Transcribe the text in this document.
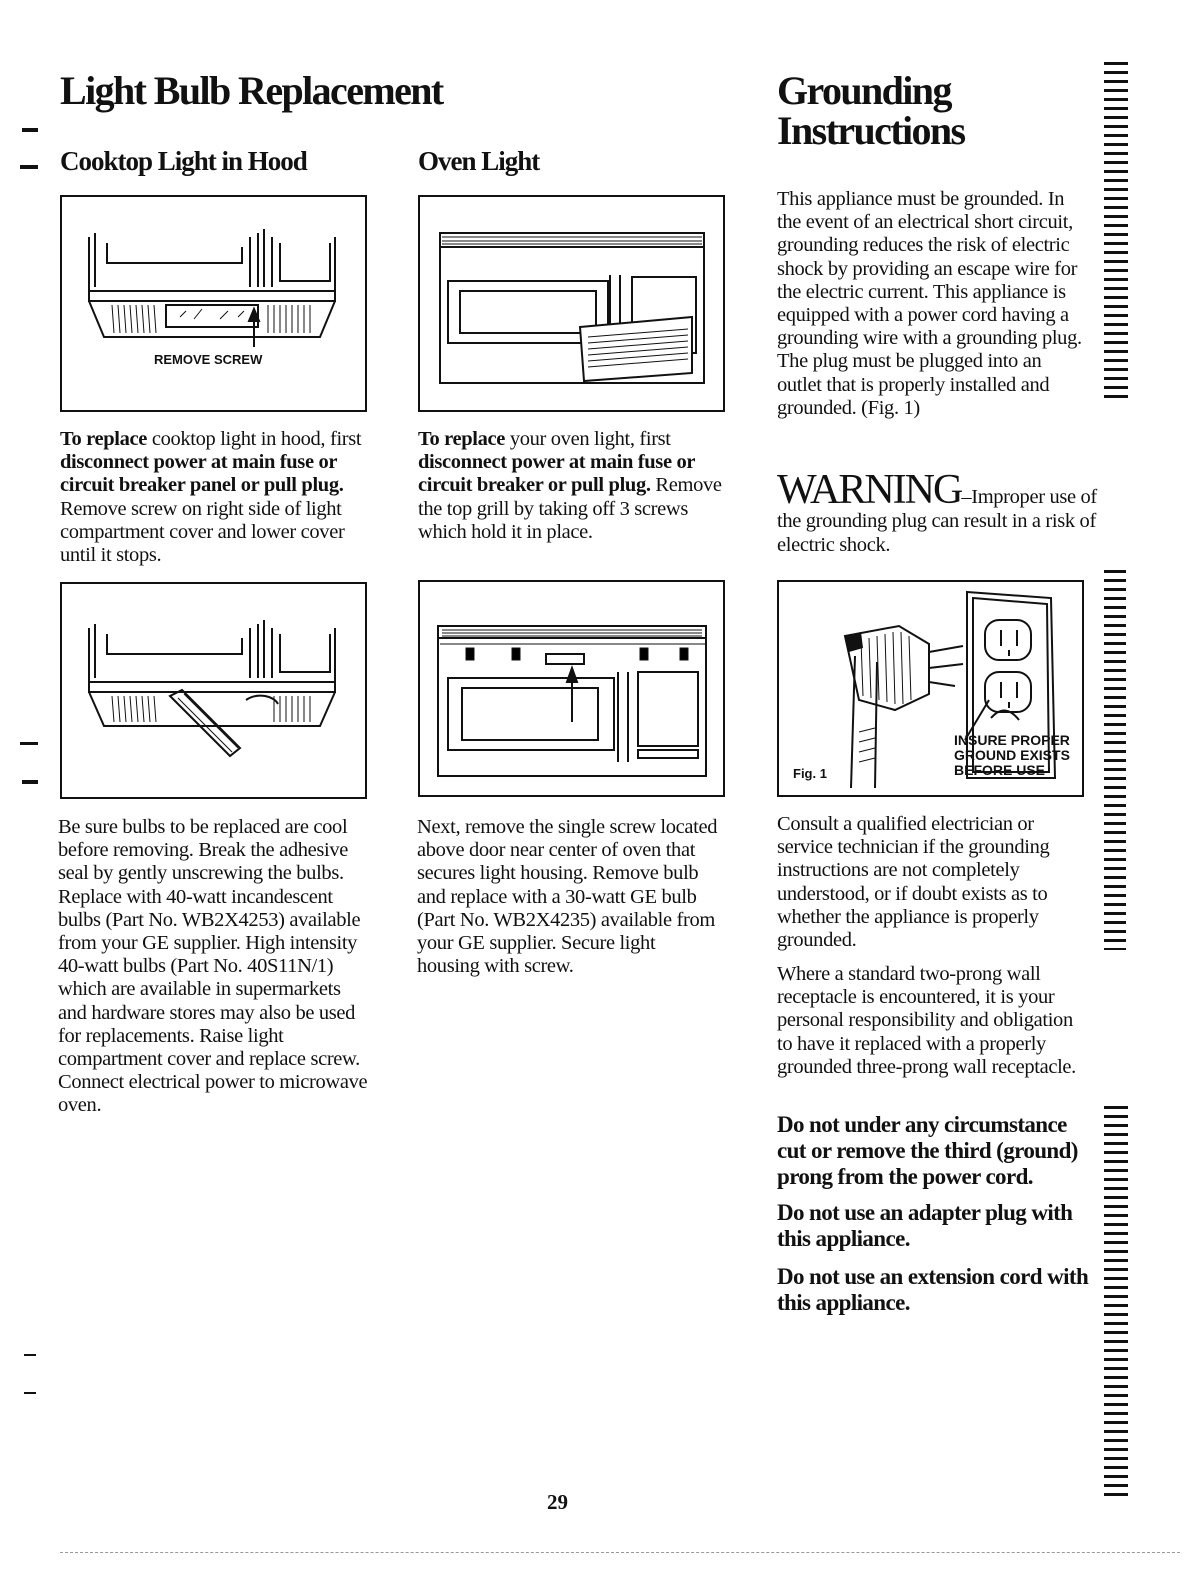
Light Bulb Replacement
Cooktop Light in Hood
REMOVE SCREW
To replace cooktop light in hood, first disconnect power at main fuse or circuit breaker panel or pull plug. Remove screw on right side of light compartment cover and lower cover until it stops.
Be sure bulbs to be replaced are cool before removing. Break the adhesive seal by gently unscrewing the bulbs. Replace with 40-watt incandescent bulbs (Part No. WB2X4253) available from your GE supplier. High intensity 40-watt bulbs (Part No. 40S11N/1) which are available in supermarkets and hardware stores may also be used for replacements. Raise light compartment cover and replace screw. Connect electrical power to microwave oven.
Oven Light
To replace your oven light, first disconnect power at main fuse or circuit breaker or pull plug. Remove the top grill by taking off 3 screws which hold it in place.
Next, remove the single screw located above door near center of oven that secures light housing. Remove bulb and replace with a 30-watt GE bulb (Part No. WB2X4235) available from your GE supplier. Secure light housing with screw.
Grounding
Instructions
This appliance must be grounded. In the event of an electrical short circuit, grounding reduces the risk of electric shock by providing an escape wire for the electric current. This appliance is equipped with a power cord having a grounding wire with a grounding plug. The plug must be plugged into an outlet that is properly installed and grounded. (Fig. 1)
WARNING–Improper use of the grounding plug can result in a risk of electric shock.
INSURE PROPER
GROUND EXISTS
BEFORE USE
Fig. 1
Consult a qualified electrician or service technician if the grounding instructions are not completely understood, or if doubt exists as to whether the appliance is properly grounded.
Where a standard two-prong wall receptacle is encountered, it is your personal responsibility and obligation to have it replaced with a properly grounded three-prong wall receptacle.
Do not under any circumstance cut or remove the third (ground) prong from the power cord.
Do not use an adapter plug with this appliance.
Do not use an extension cord with this appliance.
29
